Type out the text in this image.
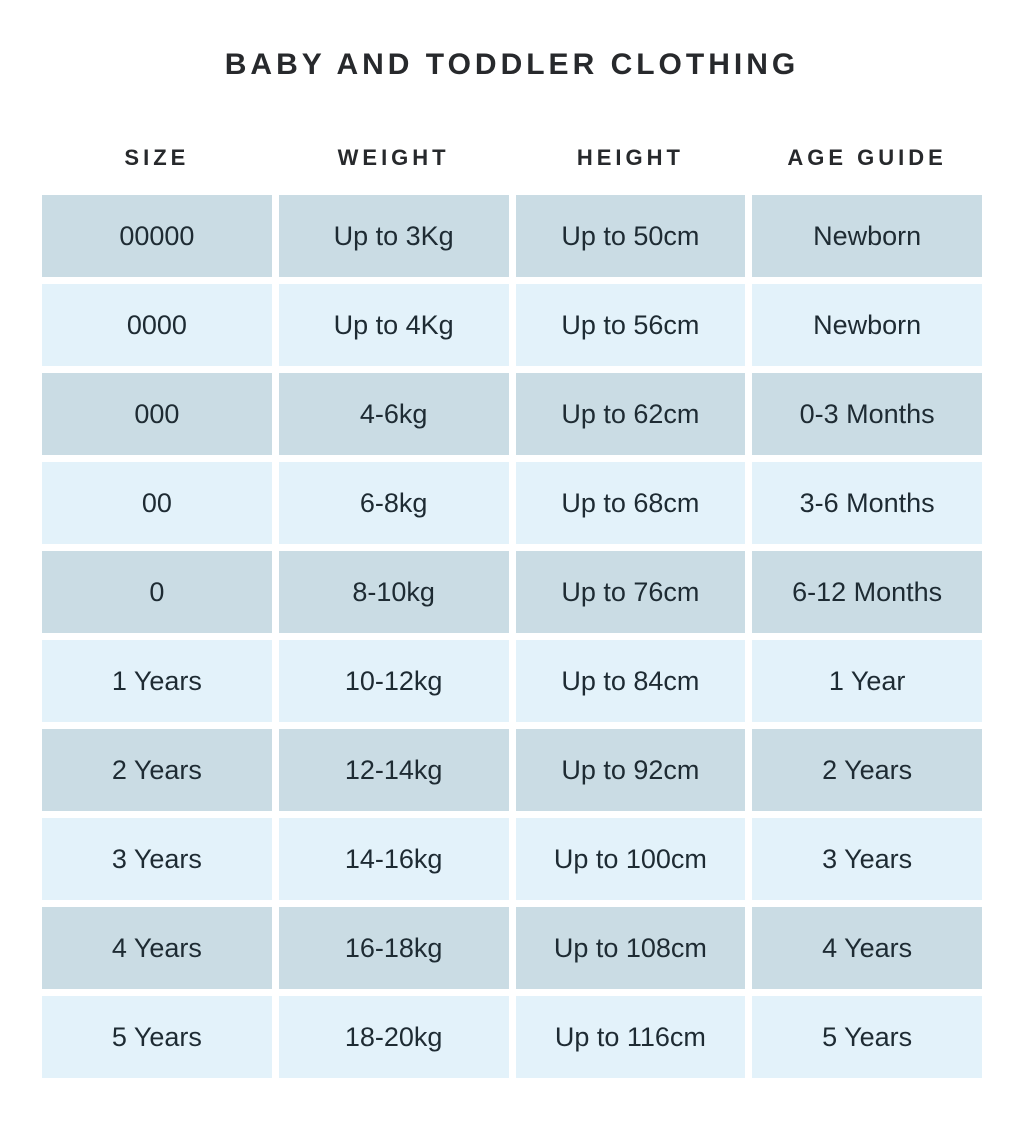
BABY AND TODDLER CLOTHING
SIZE	WEIGHT	HEIGHT	AGE GUIDE
00000	Up to 3Kg	Up to 50cm	Newborn
0000	Up to 4Kg	Up to 56cm	Newborn
000	4-6kg	Up to 62cm	0-3 Months
00	6-8kg	Up to 68cm	3-6 Months
0	8-10kg	Up to 76cm	6-12 Months
1 Years	10-12kg	Up to 84cm	1 Year
2 Years	12-14kg	Up to 92cm	2 Years
3 Years	14-16kg	Up to 100cm	3 Years
4 Years	16-18kg	Up to 108cm	4 Years
5 Years	18-20kg	Up to 116cm	5 Years
